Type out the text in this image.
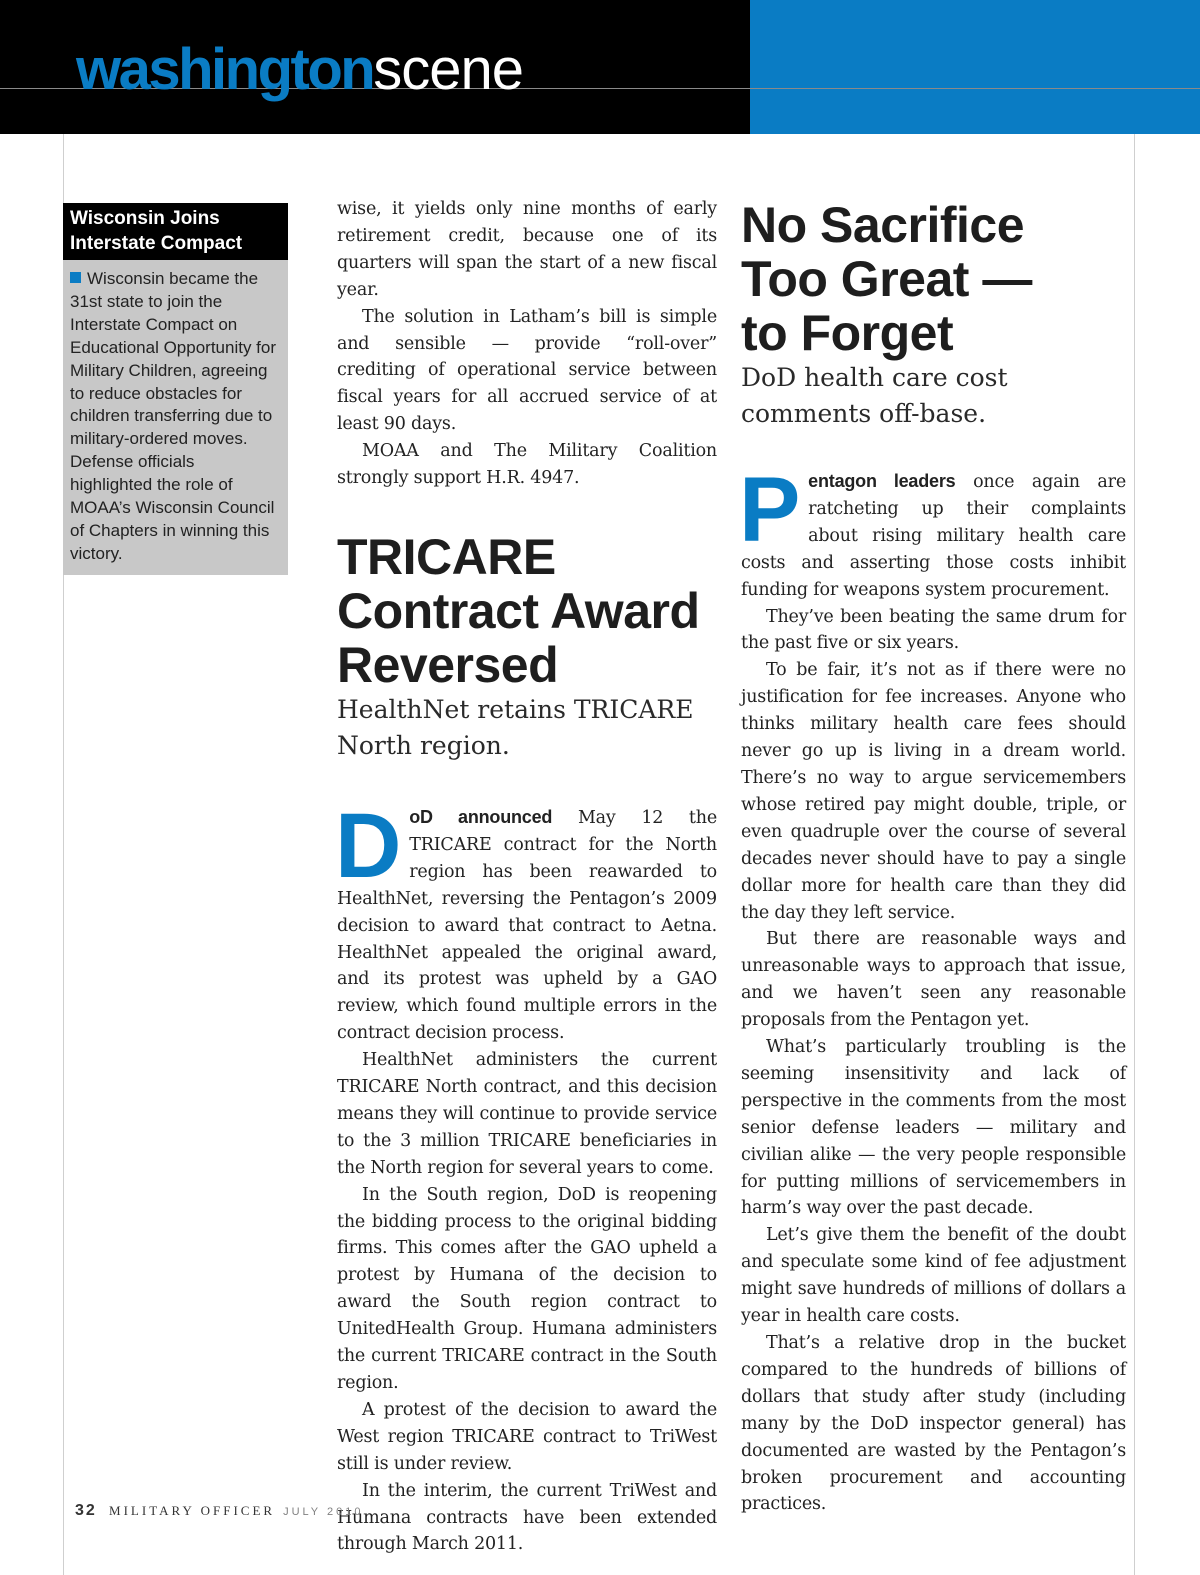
washingtonscene
Wisconsin Joins
Interstate Compact

Wisconsin became the 31st state to join the Interstate Compact on Educational Opportunity for Military Children, agreeing to reduce obstacles for children transferring due to military-ordered moves. Defense officials highlighted the role of MOAA’s Wisconsin Council of Chapters in winning this victory.

wise, it yields only nine months of early retirement credit, because one of its quarters will span the start of a new fiscal year.

The solution in Latham’s bill is simple and sensible — provide “roll-over” crediting of operational service between fiscal years for all accrued service of at least 90 days.

MOAA and The Military Coalition strongly support H.R. 4947.

TRICARE
Contract Award
Reversed

HealthNet retains TRICARE North region.

DoD announced May 12 the TRICARE contract for the North region has been reawarded to HealthNet, reversing the Pentagon’s 2009 decision to award that contract to Aetna. HealthNet appealed the original award, and its protest was upheld by a GAO review, which found multiple errors in the contract decision process.

HealthNet administers the current TRICARE North contract, and this decision means they will continue to provide service to the 3 million TRICARE beneficiaries in the North region for several years to come.

In the South region, DoD is reopening the bidding process to the original bidding firms. This comes after the GAO upheld a protest by Humana of the decision to award the South region contract to UnitedHealth Group. Humana administers the current TRICARE contract in the South region.

A protest of the decision to award the West region TRICARE contract to TriWest still is under review.

In the interim, the current TriWest and Humana contracts have been extended through March 2011.

No Sacrifice
Too Great —
to Forget

DoD health care cost comments off-base.

Pentagon leaders once again are ratcheting up their complaints about rising military health care costs and asserting those costs inhibit funding for weapons system procurement.

They’ve been beating the same drum for the past five or six years.

To be fair, it’s not as if there were no justification for fee increases. Anyone who thinks military health care fees should never go up is living in a dream world. There’s no way to argue servicemembers whose retired pay might double, triple, or even quadruple over the course of several decades never should have to pay a single dollar more for health care than they did the day they left service.

But there are reasonable ways and unreasonable ways to approach that issue, and we haven’t seen any reasonable proposals from the Pentagon yet.

What’s particularly troubling is the seeming insensitivity and lack of perspective in the comments from the most senior defense leaders — military and civilian alike — the very people responsible for putting millions of servicemembers in harm’s way over the past decade.

Let’s give them the benefit of the doubt and speculate some kind of fee adjustment might save hundreds of millions of dollars a year in health care costs.

That’s a relative drop in the bucket compared to the hundreds of billions of dollars that study after study (including many by the DoD inspector general) has documented are wasted by the Pentagon’s broken procurement and accounting practices.

32 MILITARY OFFICER JULY 2010
